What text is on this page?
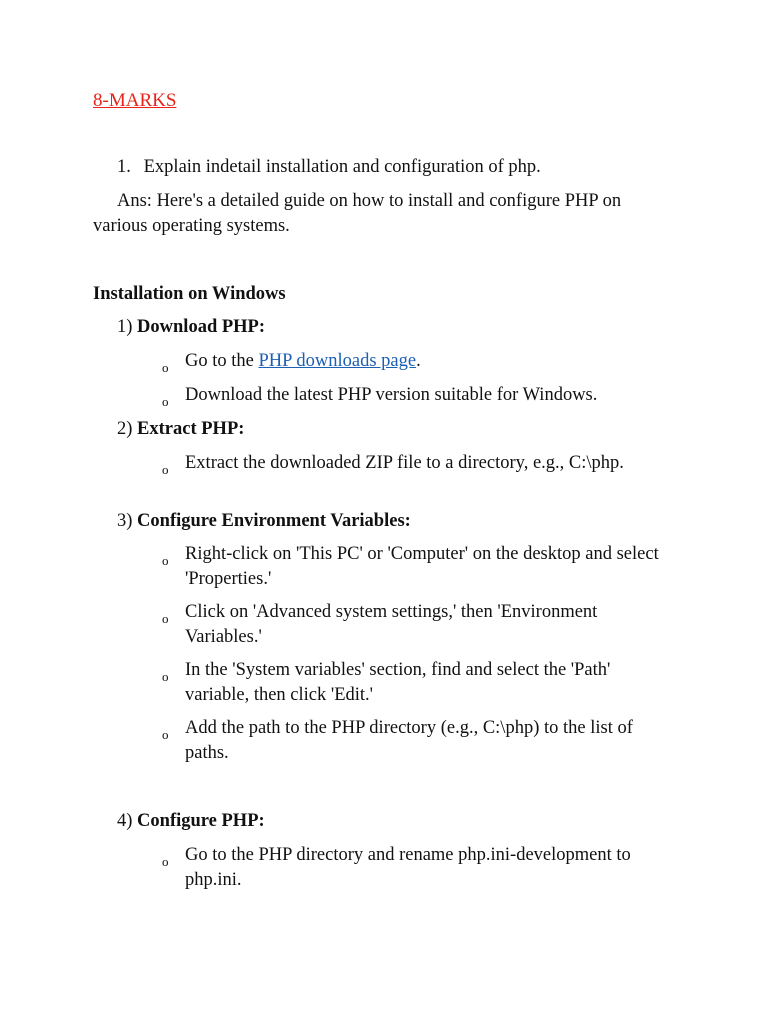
8-MARKS
1. Explain indetail installation and configuration of php.
Ans: Here's a detailed guide on how to install and configure PHP on various operating systems.
Installation on Windows
1) Download PHP:
o Go to the PHP downloads page.
o Download the latest PHP version suitable for Windows.
2) Extract PHP:
o Extract the downloaded ZIP file to a directory, e.g., C:\php.
3) Configure Environment Variables:
o Right-click on 'This PC' or 'Computer' on the desktop and select 'Properties.'
o Click on 'Advanced system settings,' then 'Environment Variables.'
o In the 'System variables' section, find and select the 'Path' variable, then click 'Edit.'
o Add the path to the PHP directory (e.g., C:\php) to the list of paths.
4) Configure PHP:
o Go to the PHP directory and rename php.ini-development to php.ini.
